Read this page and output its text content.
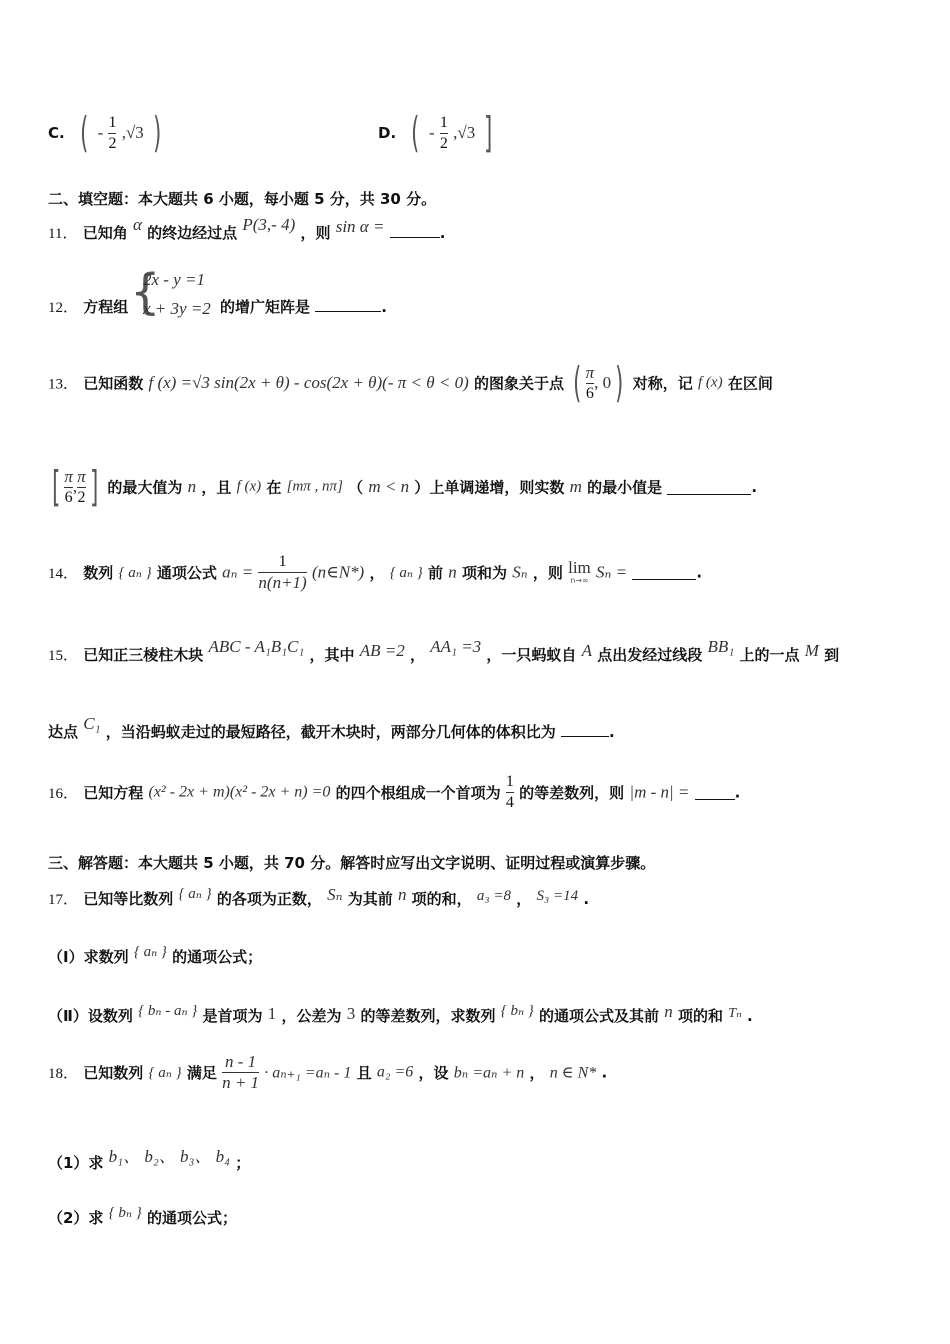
C. ( - $\frac{1}{2} ,√3$ )	D. ( - $\frac{1}{2} ,√3$ ]
二、填空题：本大题共 6 小题，每小题 5 分，共 30 分。
11． 已知角 α 的终边经过点 P(3,- 4) ，则 sin α =	.
{
2x - y =1
x + 3y =2
12． 方程组	的增广矩阵是	.
13． 已知函数 f (x) =√3 sin(2x + θ) - cos(2x + θ)(- π < θ < 0) 的图象关于点 ( $\frac{\pi}{6}$ , 0) 对称，记 f (x) 在区间
[ $\frac{\pi}{6}$ , $\frac{\pi}{2}$ ] 的最大值为 n ，且 f (x) 在 [mπ , nπ] （ m < n ）上单调递增，则实数 m 的最小值是	.
14． 数列 { aₙ } 通项公式 $a_n = \frac{1}{n(n+1)}$ (n∈N*) ， { aₙ } 前 n 项和为 Sₙ ，则 lim
n→∞ Sₙ =	.
15． 已知正三棱柱木块 ABC - A₁B₁C₁ ，其中 AB =2 ， AA₁ =3 ，一只蚂蚁自 A 点出发经过线段 BB₁ 上的一点 M 到
达点 C₁ ，当沿蚂蚁走过的最短路径，截开木块时，两部分几何体的体积比为	.
16． 已知方程 (x² - 2x + m)(x² - 2x + n) =0 的四个根组成一个首项为 $\frac{1}{4}$ 的等差数列，则 |m - n| =	.
三、解答题：本大题共 5 小题，共 70 分。解答时应写出文字说明、证明过程或演算步骤。
17． 已知等比数列 { aₙ } 的各项为正数， Sₙ 为其前 n 项的和， a₃ =8 ， S₃ =14 .
（Ⅰ）求数列 { aₙ } 的通项公式；
（Ⅱ）设数列 { bₙ - aₙ } 是首项为 1 ，公差为 3 的等差数列，求数列 { bₙ } 的通项公式及其前 n 项的和 Tₙ .
18． 已知数列 { aₙ } 满足 $\frac{n - 1}{n + 1} \cdot a_{n+1} =a_n - 1$ 且 a₂ =6 ，设 bₙ =aₙ + n ， n ∈ N* .
（1）求 b₁、 b₂、 b₃、 b₄ ；
（2）求 { bₙ } 的通项公式；
